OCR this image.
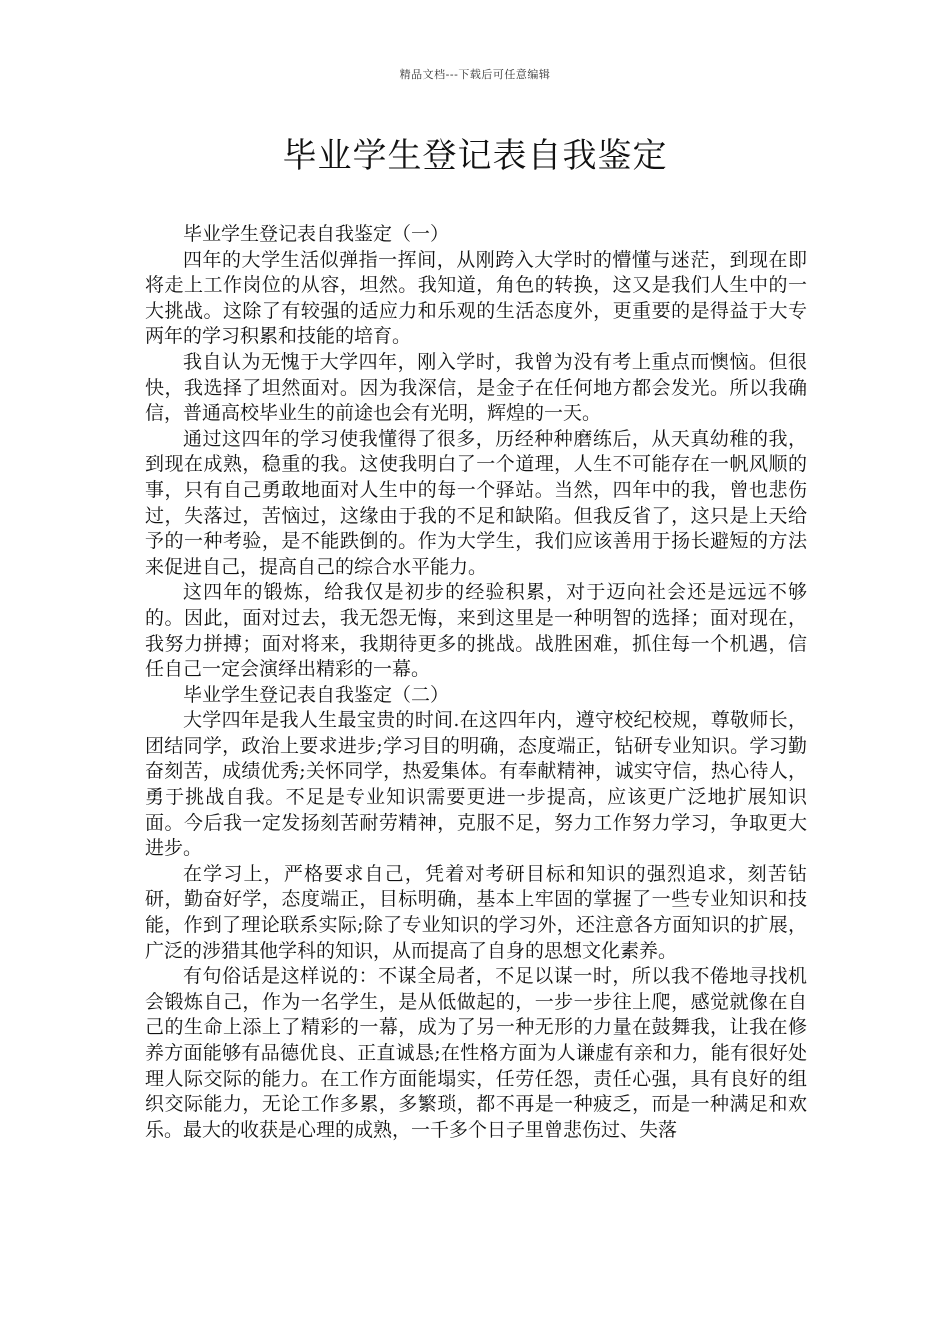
精品文档---下载后可任意编辑
毕业学生登记表自我鉴定

毕业学生登记表自我鉴定（一）

四年的大学生活似弹指一挥间，从刚跨入大学时的懵懂与迷茫，到现在即将走上工作岗位的从容，坦然。我知道，角色的转换，这又是我们人生中的一大挑战。这除了有较强的适应力和乐观的生活态度外，更重要的是得益于大专两年的学习积累和技能的培育。

我自认为无愧于大学四年，刚入学时，我曾为没有考上重点而懊恼。但很快，我选择了坦然面对。因为我深信，是金子在任何地方都会发光。所以我确信，普通高校毕业生的前途也会有光明，辉煌的一天。

通过这四年的学习使我懂得了很多，历经种种磨练后，从天真幼稚的我，到现在成熟，稳重的我。这使我明白了一个道理，人生不可能存在一帆风顺的事，只有自己勇敢地面对人生中的每一个驿站。当然，四年中的我，曾也悲伤过，失落过，苦恼过，这缘由于我的不足和缺陷。但我反省了，这只是上天给予的一种考验，是不能跌倒的。作为大学生，我们应该善用于扬长避短的方法来促进自己，提高自己的综合水平能力。

这四年的锻炼，给我仅是初步的经验积累，对于迈向社会还是远远不够的。因此，面对过去，我无怨无悔，来到这里是一种明智的选择；面对现在，我努力拼搏；面对将来，我期待更多的挑战。战胜困难，抓住每一个机遇，信任自己一定会演绎出精彩的一幕。

毕业学生登记表自我鉴定（二）

大学四年是我人生最宝贵的时间.在这四年内，遵守校纪校规，尊敬师长，团结同学，政治上要求进步;学习目的明确，态度端正，钻研专业知识。学习勤奋刻苦，成绩优秀;关怀同学，热爱集体。有奉献精神，诚实守信，热心待人，勇于挑战自我。不足是专业知识需要更进一步提高，应该更广泛地扩展知识面。今后我一定发扬刻苦耐劳精神，克服不足，努力工作努力学习，争取更大进步。

在学习上，严格要求自己，凭着对考研目标和知识的强烈追求，刻苦钻研，勤奋好学，态度端正，目标明确，基本上牢固的掌握了一些专业知识和技能，作到了理论联系实际;除了专业知识的学习外，还注意各方面知识的扩展，广泛的涉猎其他学科的知识，从而提高了自身的思想文化素养。

有句俗话是这样说的：不谋全局者，不足以谋一时，所以我不倦地寻找机会锻炼自己，作为一名学生，是从低做起的，一步一步往上爬，感觉就像在自己的生命上添上了精彩的一幕，成为了另一种无形的力量在鼓舞我，让我在修养方面能够有品德优良、正直诚恳;在性格方面为人谦虚有亲和力，能有很好处理人际交际的能力。在工作方面能塌实，任劳任怨，责任心强，具有良好的组织交际能力，无论工作多累，多繁琐，都不再是一种疲乏，而是一种满足和欢乐。最大的收获是心理的成熟，一千多个日子里曾悲伤过、失落
